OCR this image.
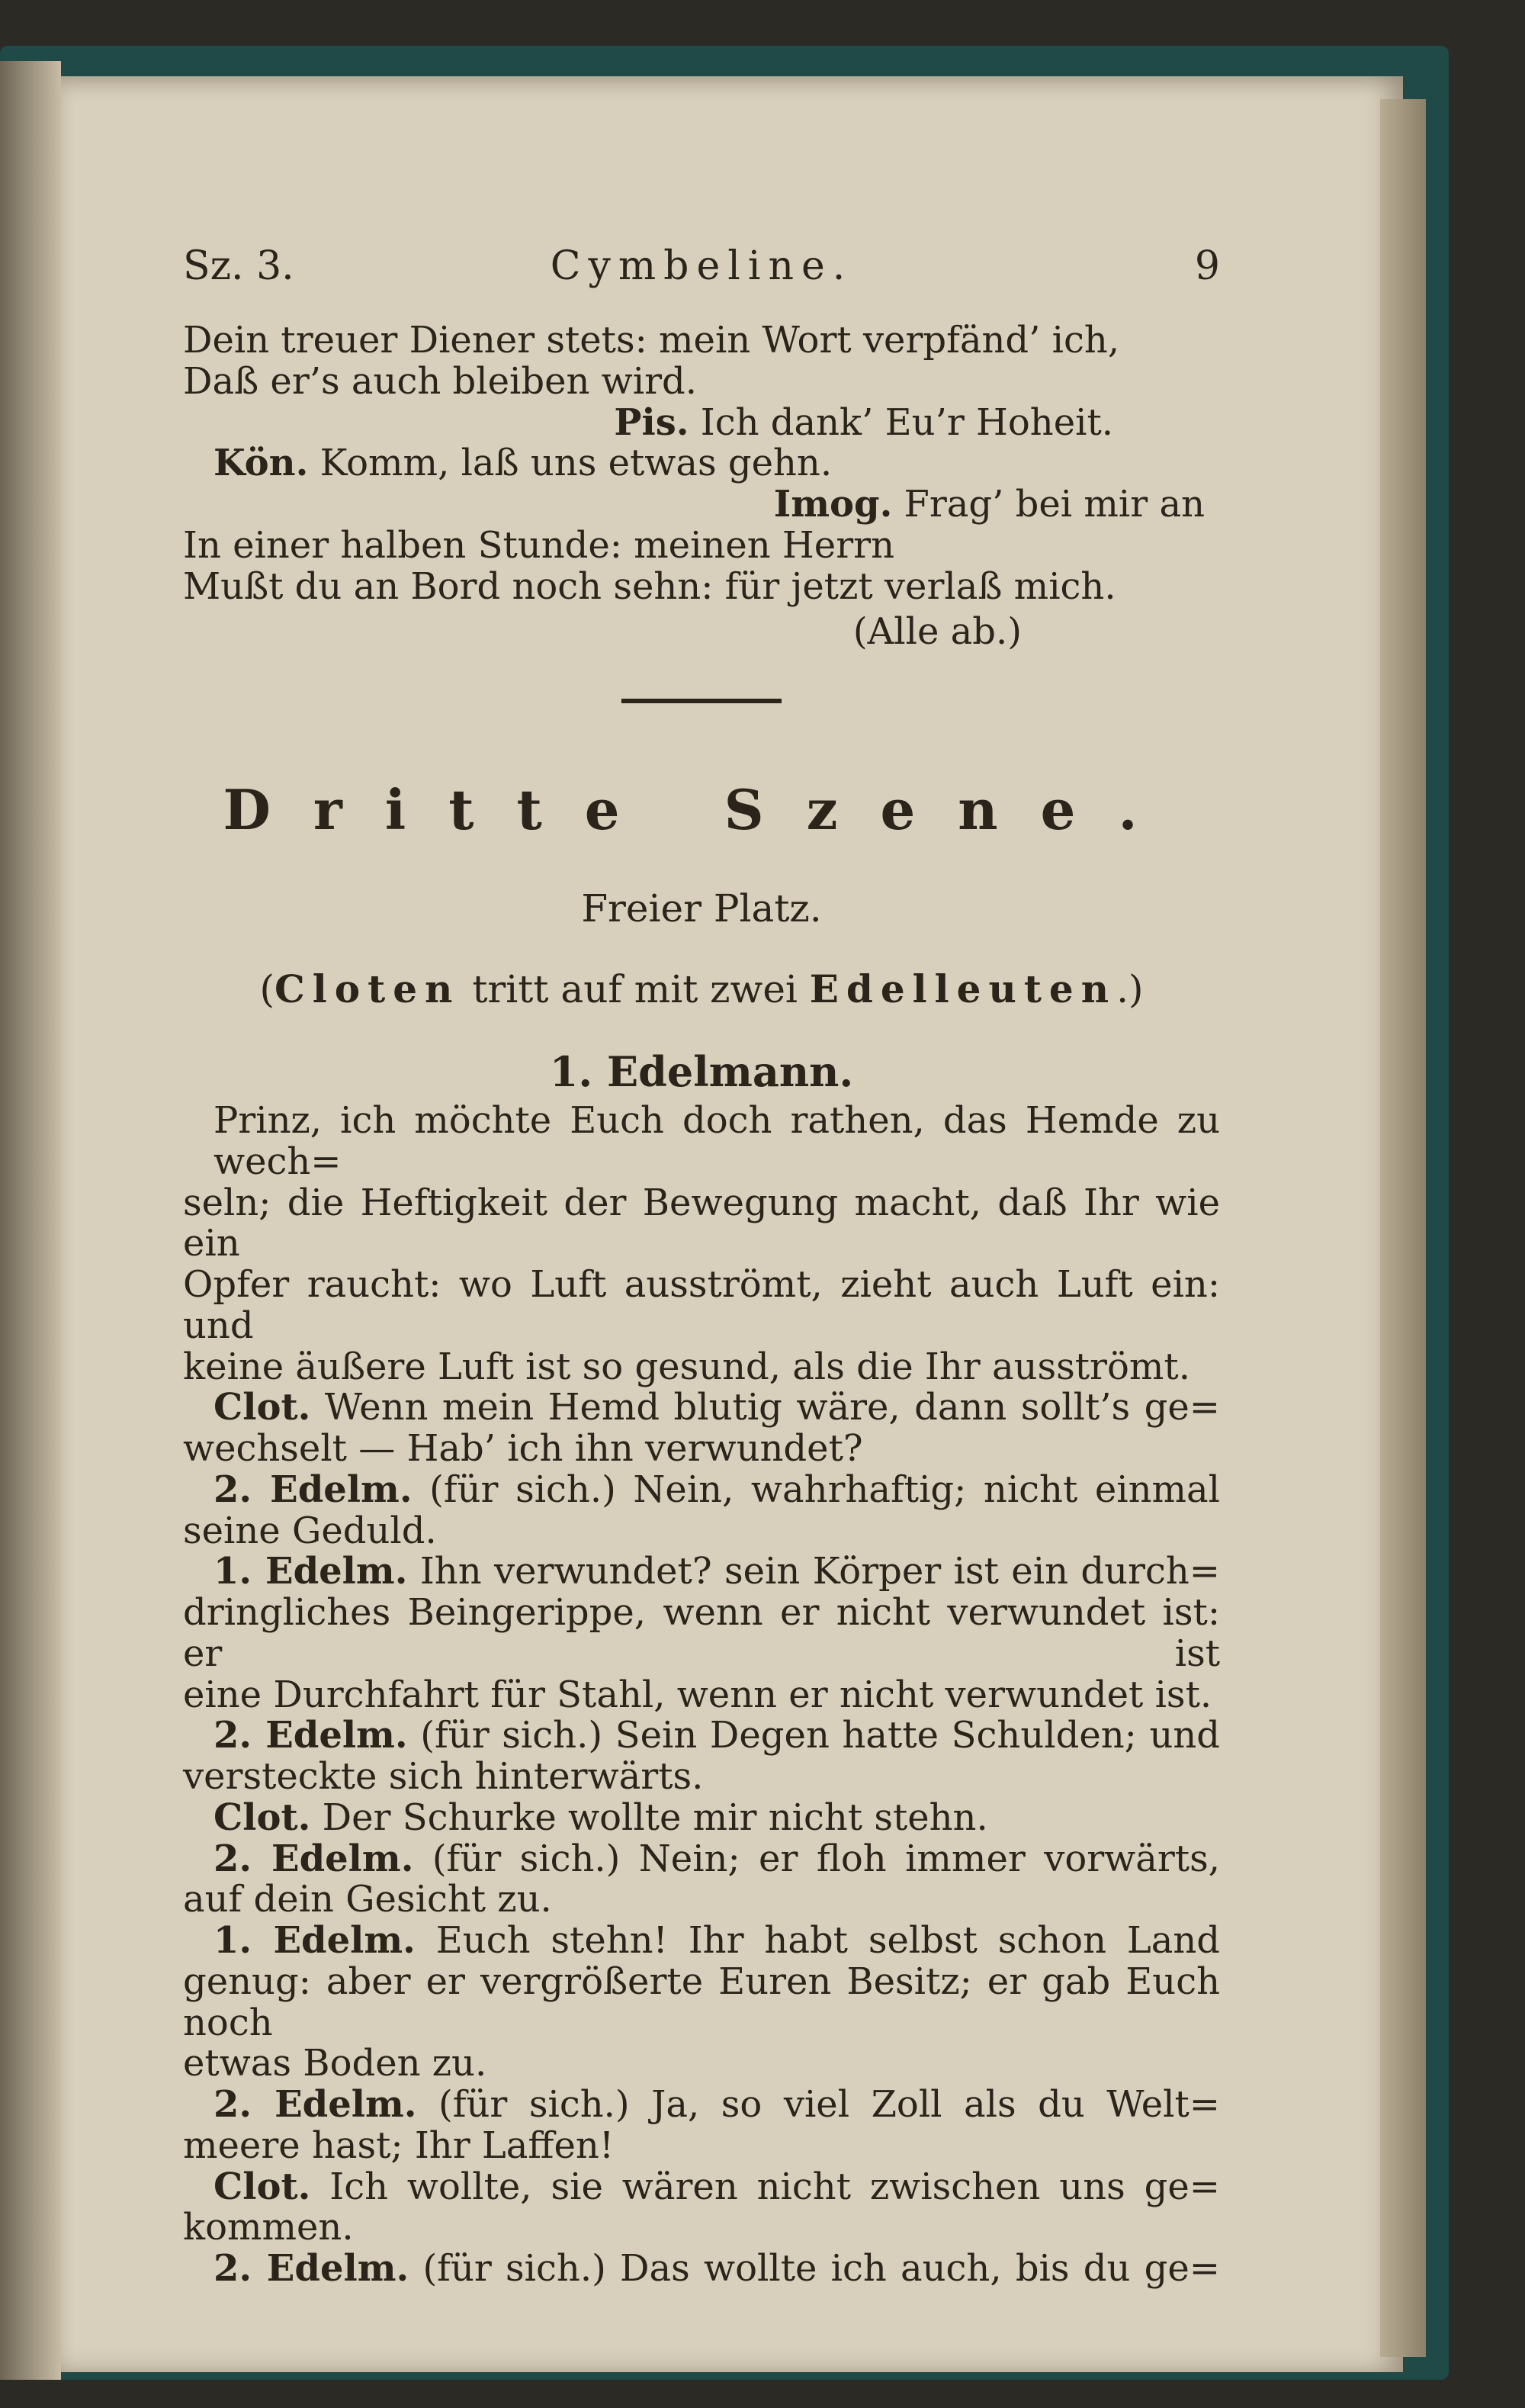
Sz. 3.	Cymbeline.	9

Dein treuer Diener stets: mein Wort verpfänd’ ich,

Daß er’s auch bleiben wird.

Pis. Ich dank’ Eu’r Hoheit.

Kön. Komm, laß uns etwas gehn.

Imog. Frag’ bei mir an

In einer halben Stunde: meinen Herrn

Mußt du an Bord noch sehn: für jetzt verlaß mich.

(Alle ab.)

Dritte Szene.
Freier Platz.
(Cloten tritt auf mit zwei Edelleuten.)
1. Edelmann.

Prinz, ich möchte Euch doch rathen, das Hemde zu wech=

seln; die Heftigkeit der Bewegung macht, daß Ihr wie ein

Opfer raucht: wo Luft ausströmt, zieht auch Luft ein: und

keine äußere Luft ist so gesund, als die Ihr ausströmt.

Clot. Wenn mein Hemd blutig wäre, dann sollt’s ge=

wechselt — Hab’ ich ihn verwundet?

2. Edelm. (für sich.) Nein, wahrhaftig; nicht einmal

seine Geduld.

1. Edelm. Ihn verwundet? sein Körper ist ein durch=

dringliches Beingerippe, wenn er nicht verwundet ist: er ist

eine Durchfahrt für Stahl, wenn er nicht verwundet ist.

2. Edelm. (für sich.) Sein Degen hatte Schulden; und

versteckte sich hinterwärts.

Clot. Der Schurke wollte mir nicht stehn.

2. Edelm. (für sich.) Nein; er floh immer vorwärts,

auf dein Gesicht zu.

1. Edelm. Euch stehn! Ihr habt selbst schon Land

genug: aber er vergrößerte Euren Besitz; er gab Euch noch

etwas Boden zu.

2. Edelm. (für sich.) Ja, so viel Zoll als du Welt=

meere hast; Ihr Laffen!

Clot. Ich wollte, sie wären nicht zwischen uns ge=

kommen.

2. Edelm. (für sich.) Das wollte ich auch, bis du ge=
